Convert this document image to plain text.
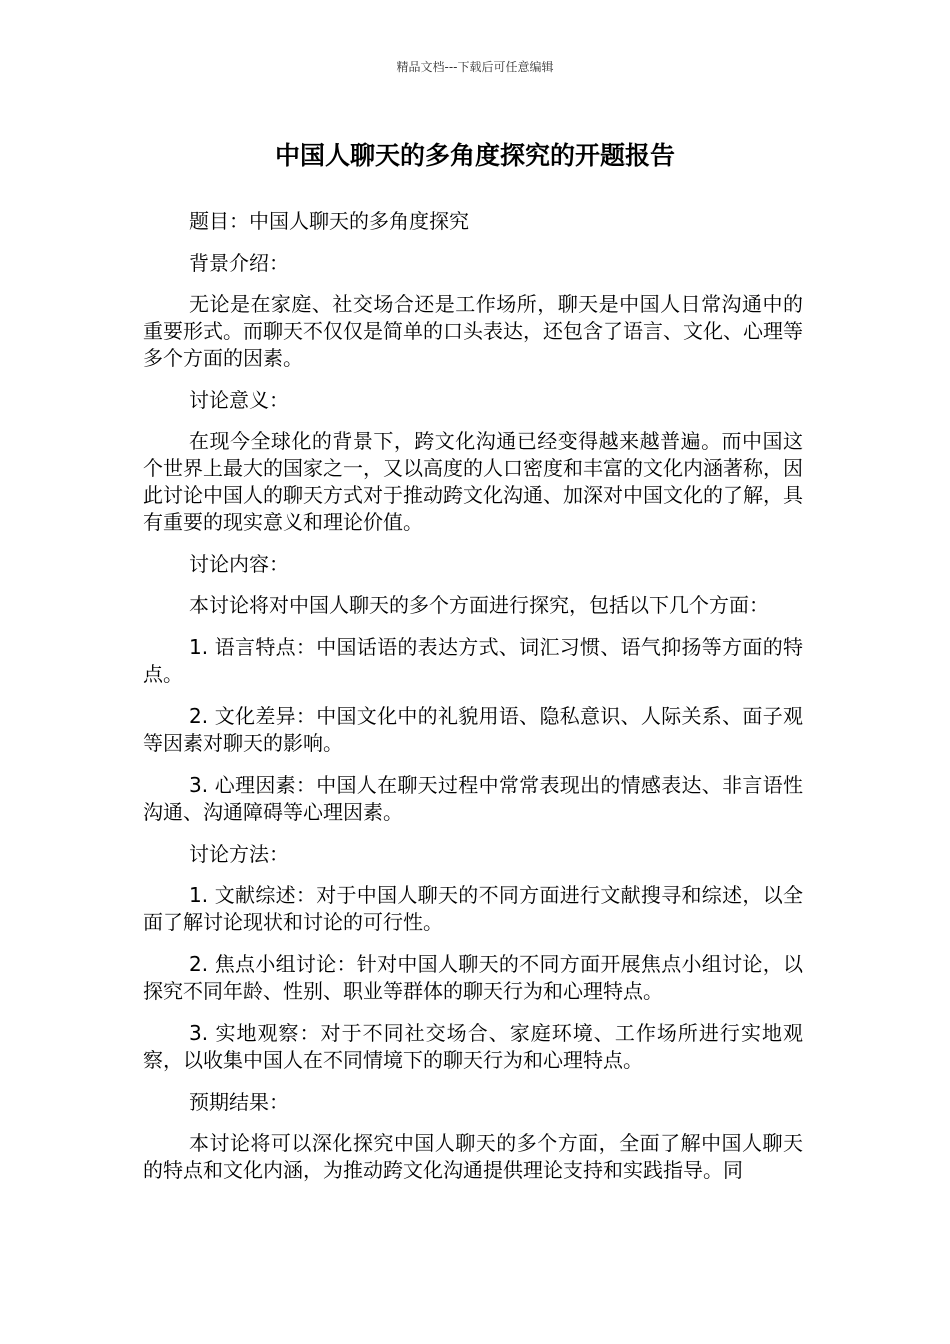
精品文档---下载后可任意编辑
中国人聊天的多角度探究的开题报告

题目：中国人聊天的多角度探究

背景介绍：

无论是在家庭、社交场合还是工作场所，聊天是中国人日常沟通中的重要形式。而聊天不仅仅是简单的口头表达，还包含了语言、文化、心理等多个方面的因素。

讨论意义：

在现今全球化的背景下，跨文化沟通已经变得越来越普遍。而中国这个世界上最大的国家之一，又以高度的人口密度和丰富的文化内涵著称，因此讨论中国人的聊天方式对于推动跨文化沟通、加深对中国文化的了解，具有重要的现实意义和理论价值。

讨论内容：

本讨论将对中国人聊天的多个方面进行探究，包括以下几个方面：

1. 语言特点：中国话语的表达方式、词汇习惯、语气抑扬等方面的特点。

2. 文化差异：中国文化中的礼貌用语、隐私意识、人际关系、面子观等因素对聊天的影响。

3. 心理因素：中国人在聊天过程中常常表现出的情感表达、非言语性沟通、沟通障碍等心理因素。

讨论方法：

1. 文献综述：对于中国人聊天的不同方面进行文献搜寻和综述，以全面了解讨论现状和讨论的可行性。

2. 焦点小组讨论：针对中国人聊天的不同方面开展焦点小组讨论，以探究不同年龄、性别、职业等群体的聊天行为和心理特点。

3. 实地观察：对于不同社交场合、家庭环境、工作场所进行实地观察，以收集中国人在不同情境下的聊天行为和心理特点。

预期结果：

本讨论将可以深化探究中国人聊天的多个方面，全面了解中国人聊天的特点和文化内涵，为推动跨文化沟通提供理论支持和实践指导。同
